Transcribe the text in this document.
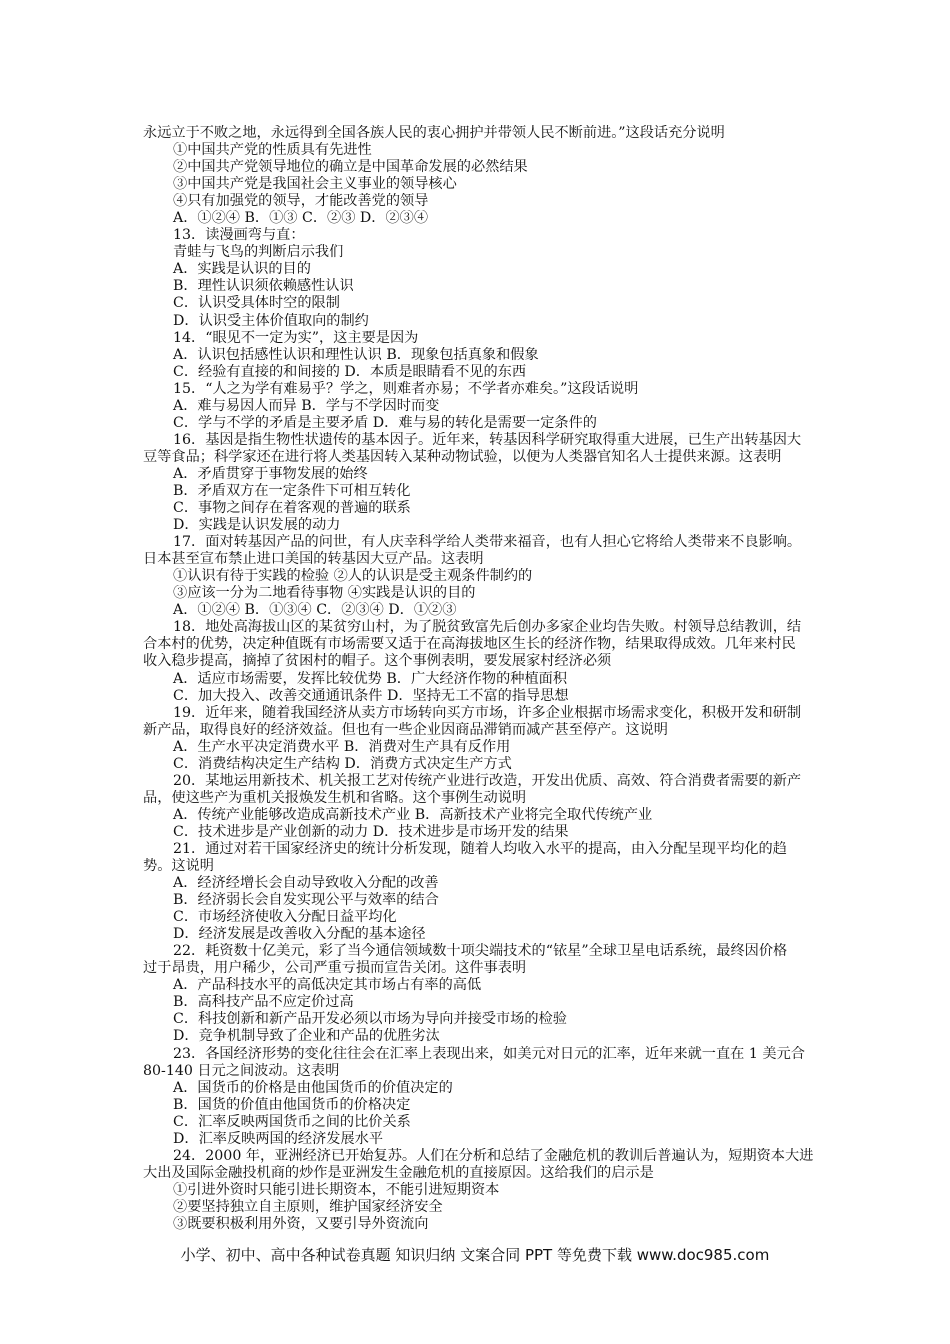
永远立于不败之地，永远得到全国各族人民的衷心拥护并带领人民不断前进。”这段话充分说明
①中国共产党的性质具有先进性
②中国共产党领导地位的确立是中国革命发展的必然结果
③中国共产党是我国社会主义事业的领导核心
④只有加强党的领导，才能改善党的领导
A．①②④ B．①③ C．②③ D．②③④
13．读漫画弯与直：
青蛙与飞鸟的判断启示我们
A．实践是认识的目的
B．理性认识须依赖感性认识
C．认识受具体时空的限制
D．认识受主体价值取向的制约
14．“眼见不一定为实”，这主要是因为
A．认识包括感性认识和理性认识 B．现象包括真象和假象
C．经验有直接的和间接的 D．本质是眼睛看不见的东西
15．“人之为学有难易乎？学之，则难者亦易；不学者亦难矣。”这段话说明
A．难与易因人而异 B．学与不学因时而变
C．学与不学的矛盾是主要矛盾 D．难与易的转化是需要一定条件的
16．基因是指生物性状遗传的基本因子。近年来，转基因科学研究取得重大进展，已生产出转基因大
豆等食品；科学家还在进行将人类基因转入某种动物试验，以便为人类器官知名人士提供来源。这表明
A．矛盾贯穿于事物发展的始终
B．矛盾双方在一定条件下可相互转化
C．事物之间存在着客观的普遍的联系
D．实践是认识发展的动力
17．面对转基因产品的问世，有人庆幸科学给人类带来福音，也有人担心它将给人类带来不良影响。
日本甚至宣布禁止进口美国的转基因大豆产品。这表明
①认识有待于实践的检验 ②人的认识是受主观条件制约的
③应该一分为二地看待事物 ④实践是认识的目的
A．①②④ B．①③④ C．②③④ D．①②③
18．地处高海拔山区的某贫穷山村，为了脱贫致富先后创办多家企业均告失败。村领导总结教训，结
合本村的优势，决定种值既有市场需要又适于在高海拔地区生长的经济作物，结果取得成效。几年来村民
收入稳步提高，摘掉了贫困村的帽子。这个事例表明，要发展家村经济必须
A．适应市场需要，发挥比较优势 B．广大经济作物的种植面积
C．加大投入、改善交通通讯条件 D．坚持无工不富的指导思想
19．近年来，随着我国经济从卖方市场转向买方市场，许多企业根据市场需求变化，积极开发和研制
新产品，取得良好的经济效益。但也有一些企业因商品滞销而减产甚至停产。这说明
A．生产水平决定消费水平 B．消费对生产具有反作用
C．消费结构决定生产结构 D．消费方式决定生产方式
20．某地运用新技术、机关报工艺对传统产业进行改造，开发出优质、高效、符合消费者需要的新产
品，使这些产为重机关报焕发生机和省略。这个事例生动说明
A．传统产业能够改造成高新技术产业 B．高新技术产业将完全取代传统产业
C．技术进步是产业创新的动力 D．技术进步是市场开发的结果
21．通过对若干国家经济史的统计分析发现，随着人均收入水平的提高，由入分配呈现平均化的趋
势。这说明
A．经济经增长会自动导致收入分配的改善
B．经济弱长会自发实现公平与效率的结合
C．市场经济使收入分配日益平均化
D．经济发展是改善收入分配的基本途径
22．耗资数十亿美元，彩了当今通信领域数十项尖端技术的“铱星”全球卫星电话系统，最终因价格
过于昂贵，用户稀少，公司严重亏损而宣告关闭。这件事表明
A．产品科技水平的高低决定其市场占有率的高低
B．高科技产品不应定价过高
C．科技创新和新产品开发必须以市场为导向并接受市场的检验
D．竞争机制导致了企业和产品的优胜劣汰
23．各国经济形势的变化往往会在汇率上表现出来，如美元对日元的汇率，近年来就一直在 1 美元合
80-140 日元之间波动。这表明
A．国货币的价格是由他国货币的价值决定的
B．国货的价值由他国货币的价格决定
C．汇率反映两国货币之间的比价关系
D．汇率反映两国的经济发展水平
24．2000 年，亚洲经济已开始复苏。人们在分析和总结了金融危机的教训后普遍认为，短期资本大进
大出及国际金融投机商的炒作是亚洲发生金融危机的直接原因。这给我们的启示是
①引进外资时只能引进长期资本，不能引进短期资本
②要坚持独立自主原则，维护国家经济安全
③既要积极利用外资，又要引导外资流向
小学、初中、高中各种试卷真题 知识归纳 文案合同 PPT 等免费下载 www.doc985.com
